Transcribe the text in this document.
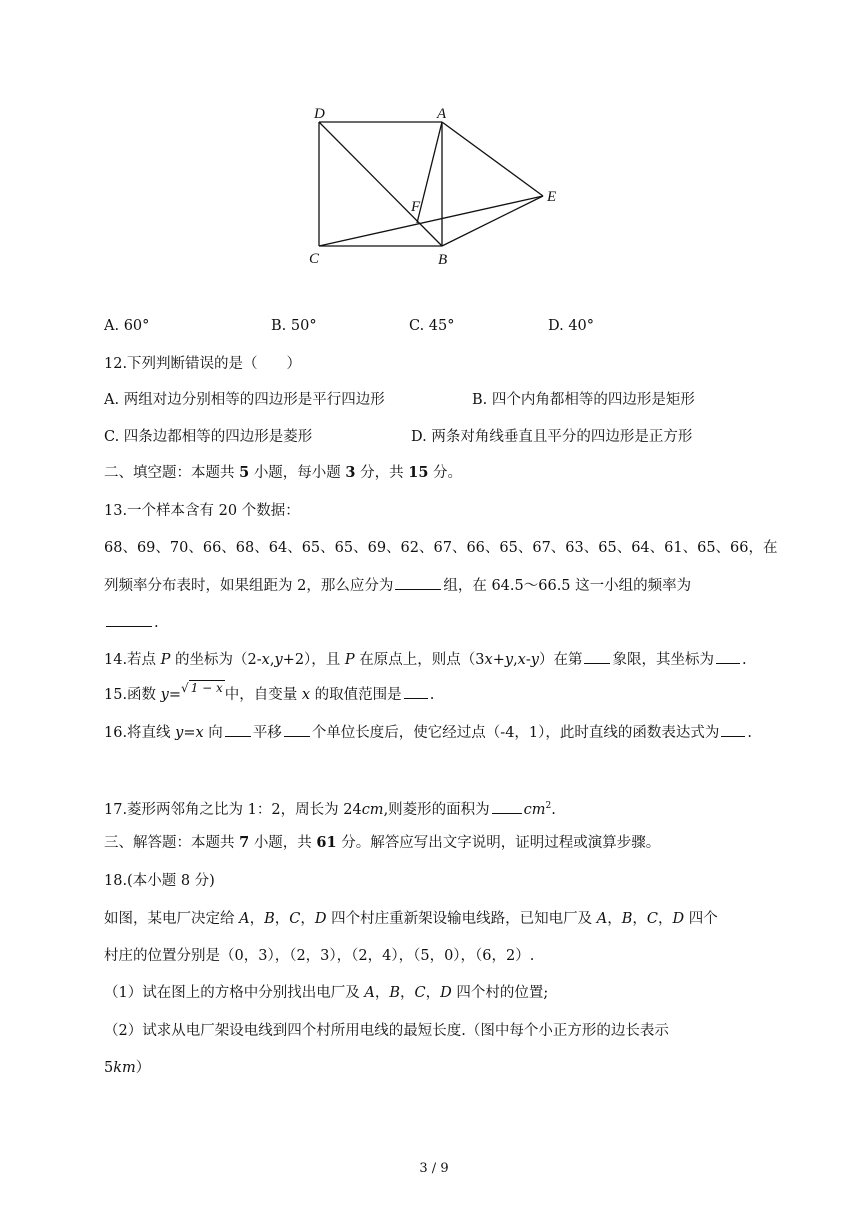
D	A
E
F
C	B
A. 60°	B. 50°	C. 45°	D. 40°
12.下列判断错误的是（　　）
A. 两组对边分别相等的四边形是平行四边形	B. 四个内角都相等的四边形是矩形
C. 四条边都相等的四边形是菱形	D. 两条对角线垂直且平分的四边形是正方形
二、填空题：本题共 5 小题，每小题 3 分，共 15 分。
13.一个样本含有 20 个数据：
68、69、70、66、68、64、65、65、69、62、67、66、65、67、63、65、64、61、65、66，在
列频率分布表时，如果组距为 2，那么应分为	组，在 64.5～66.5 这一小组的频率为
.
14.若点 P 的坐标为（2-x,y+2），且 P 在原点上，则点（3x+y,x-y）在第 象限，其坐标为 .
15.函数 y=√ 1 − x 中，自变量 x 的取值范围是 .
16.将直线 y=x 向 平移 个单位长度后，使它经过点（-4，1），此时直线的函数表达式为 .
17.菱形两邻角之比为 1：2，周长为 24cm,则菱形的面积为 $cm^2$.
三、解答题：本题共 7 小题，共 61 分。解答应写出文字说明，证明过程或演算步骤。
18.(本小题 8 分)
如图，某电厂决定给 A，B，C，D 四个村庄重新架设输电线路，已知电厂及 A，B，C，D 四个
村庄的位置分别是（0，3），（2，3），（2，4），（5，0），（6，2）.
（1）试在图上的方格中分别找出电厂及 A，B，C，D 四个村的位置;
（2）试求从电厂架设电线到四个村所用电线的最短长度.（图中每个小正方形的边长表示
5km）
3 / 9
